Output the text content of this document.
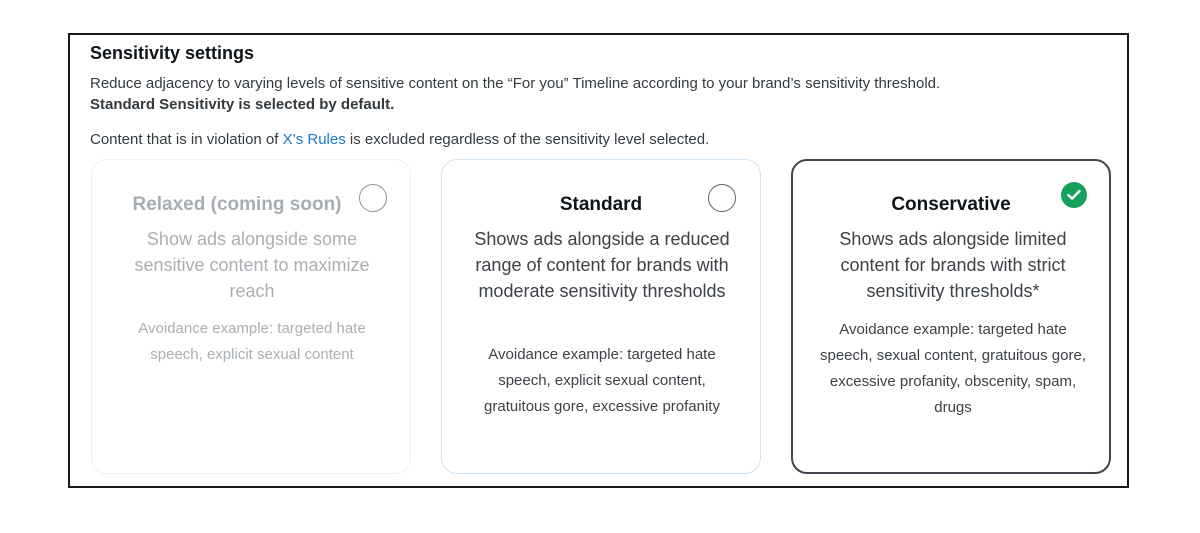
Sensitivity settings

Reduce adjacency to varying levels of sensitive content on the “For you” Timeline according to your brand’s sensitivity threshold.

Standard Sensitivity is selected by default.

Content that is in violation of X’s Rules is excluded regardless of the sensitivity level selected.

Relaxed (coming soon)
Show ads alongside some sensitive content to maximize reach
Avoidance example: targeted hate speech, explicit sexual content
Standard
Shows ads alongside a reduced range of content for brands with moderate sensitivity thresholds
Avoidance example: targeted hate speech, explicit sexual content, gratuitous gore, excessive profanity
Conservative
Shows ads alongside limited content for brands with strict sensitivity thresholds*
Avoidance example: targeted hate speech, sexual content, gratuitous gore, excessive profanity, obscenity, spam, drugs
